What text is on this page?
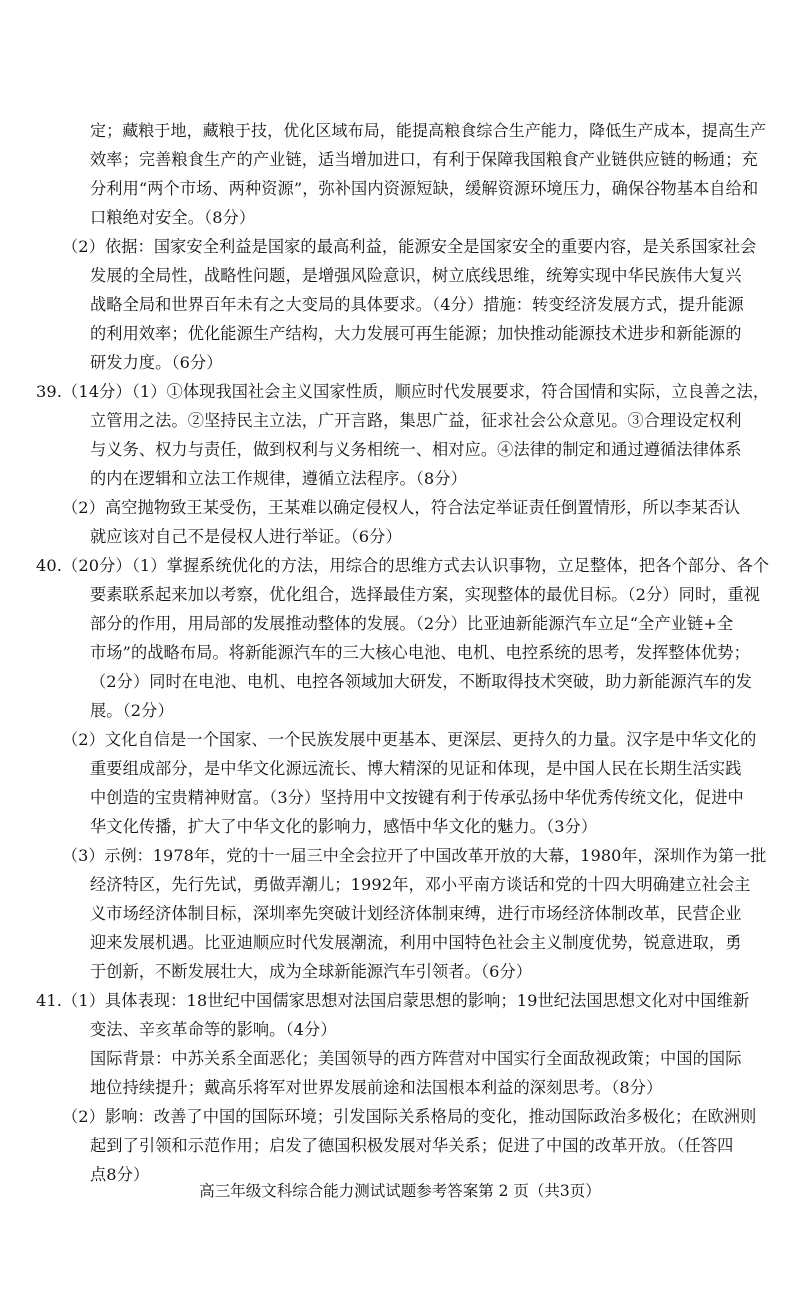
定；藏粮于地，藏粮于技，优化区域布局，能提高粮食综合生产能力，降低生产成本，提高生产
效率；完善粮食生产的产业链，适当增加进口，有利于保障我国粮食产业链供应链的畅通；充
分利用“两个市场、两种资源”，弥补国内资源短缺，缓解资源环境压力，确保谷物基本自给和
口粮绝对安全。（8分）
（2）依据：国家安全利益是国家的最高利益，能源安全是国家安全的重要内容，是关系国家社会
发展的全局性，战略性问题，是增强风险意识，树立底线思维，统筹实现中华民族伟大复兴
战略全局和世界百年未有之大变局的具体要求。（4分）措施：转变经济发展方式，提升能源
的利用效率；优化能源生产结构，大力发展可再生能源；加快推动能源技术进步和新能源的
研发力度。（6分）
39.（14分）（1）①体现我国社会主义国家性质，顺应时代发展要求，符合国情和实际，立良善之法，
立管用之法。②坚持民主立法，广开言路，集思广益，征求社会公众意见。③合理设定权利
与义务、权力与责任，做到权利与义务相统一、相对应。④法律的制定和通过遵循法律体系
的内在逻辑和立法工作规律，遵循立法程序。（8分）
（2）高空抛物致王某受伤，王某难以确定侵权人，符合法定举证责任倒置情形，所以李某否认
就应该对自己不是侵权人进行举证。（6分）
40.（20分）（1）掌握系统优化的方法，用综合的思维方式去认识事物，立足整体，把各个部分、各个
要素联系起来加以考察，优化组合，选择最佳方案，实现整体的最优目标。（2分）同时，重视
部分的作用，用局部的发展推动整体的发展。（2分）比亚迪新能源汽车立足“全产业链+全
市场”的战略布局。将新能源汽车的三大核心电池、电机、电控系统的思考，发挥整体优势；
（2分）同时在电池、电机、电控各领域加大研发，不断取得技术突破，助力新能源汽车的发
展。（2分）
（2）文化自信是一个国家、一个民族发展中更基本、更深层、更持久的力量。汉字是中华文化的
重要组成部分，是中华文化源远流长、博大精深的见证和体现，是中国人民在长期生活实践
中创造的宝贵精神财富。（3分）坚持用中文按键有利于传承弘扬中华优秀传统文化，促进中
华文化传播，扩大了中华文化的影响力，感悟中华文化的魅力。（3分）
（3）示例：1978年，党的十一届三中全会拉开了中国改革开放的大幕，1980年，深圳作为第一批
经济特区，先行先试，勇做弄潮儿；1992年，邓小平南方谈话和党的十四大明确建立社会主
义市场经济体制目标，深圳率先突破计划经济体制束缚，进行市场经济体制改革，民营企业
迎来发展机遇。比亚迪顺应时代发展潮流，利用中国特色社会主义制度优势，锐意进取，勇
于创新，不断发展壮大，成为全球新能源汽车引领者。（6分）
41.（1）具体表现：18世纪中国儒家思想对法国启蒙思想的影响；19世纪法国思想文化对中国维新
变法、辛亥革命等的影响。（4分）
国际背景：中苏关系全面恶化；美国领导的西方阵营对中国实行全面敌视政策；中国的国际
地位持续提升；戴高乐将军对世界发展前途和法国根本利益的深刻思考。（8分）
（2）影响：改善了中国的国际环境；引发国际关系格局的变化，推动国际政治多极化；在欧洲则
起到了引领和示范作用；启发了德国积极发展对华关系；促进了中国的改革开放。（任答四
点8分）
高三年级文科综合能力测试试题参考答案第 2 页（共3页）
